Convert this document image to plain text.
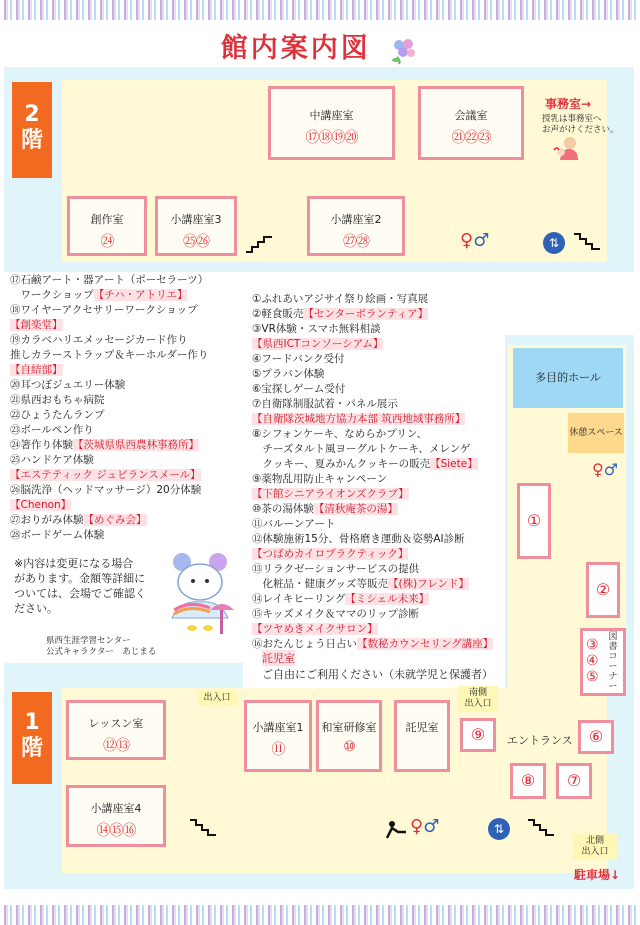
館内案内図
2階
中講座室
⑰⑱⑲⑳
会議室
㉑㉒㉓
創作室
㉔
小講座室3
㉕㉖
小講座室2
㉗㉘	♀♂	⇅
事務室→
授乳は事務室へ
お声がけください。
⑰石鹸アート・器アート（ポーセラーツ）
　ワークショップ【チハ・アトリエ】
⑱ワイヤーアクセサリーワークショップ
【創楽堂】
⑲カラベハリエメッセージカード作り
推しカラーストラップ＆キーホルダー作り
【自結部】
⑳耳つぼジュエリー体験
㉑県西おもちゃ病院
㉒ひょうたんランプ
㉓ボールペン作り
㉔箸作り体験【茨城県県西農林事務所】
㉕ハンドケア体験
【エステティック ジュビランスメール】
㉖脳洗浄（ヘッドマッサージ）20分体験
【Chenon】
㉗おりがみ体験【めぐみ会】
㉘ボードゲーム体験
※内容は変更になる場合
があります。金額等詳細に
ついては、会場でご確認く
ださい。
県西生涯学習センター
公式キャラクター　あじまる
①ふれあいアジサイ祭り絵画・写真展
②軽食販売【センターボランティア】
③VR体験・スマホ無料相談
【県西ICTコンソーシアム】
④フードバンク受付
⑤プラバン体験
⑥宝探しゲーム受付
⑦自衛隊制服試着・パネル展示
【自衛隊茨城地方協力本部 筑西地域事務所】
⑧シフォンケーキ、なめらかプリン、
　チーズタルト風ヨーグルトケーキ、メレンゲ
　クッキー、夏みかんクッキーの販売【Siete】
⑨薬物乱用防止キャンペーン
【下館シニアライオンズクラブ】
⑩茶の湯体験【清秋庵茶の湯】
⑪バルーンアート
⑫体験施術15分、骨格磨き運動＆姿勢AI診断
【つばめカイロプラクティック】
⑬リラクゼーションサービスの提供
　化粧品・健康グッズ等販売【(株)フレンド】
⑭レイキヒーリング【ミシェル未来】
⑮キッズメイク＆ママのリップ診断
【ツヤめきメイクサロン】
⑯おたんじょう日占い【数秘カウンセリング講座】
託児室
ご自由にご利用ください（未就学児と保護者）
1階
多目的ホール
休憩スペース
♀♂
①
②
③
④
⑤
図
書
コ
ー
ナ
ー
レッスン室
⑫⑬
小講座室4
⑭⑮⑯
小講座室1
⑪
和室研修室
⑩
託児室	⑨	エントランス	⑥
⑧	⑦
出入口	南側
出入口
北側
出入口
駐車場↓
♀♂	⇅
